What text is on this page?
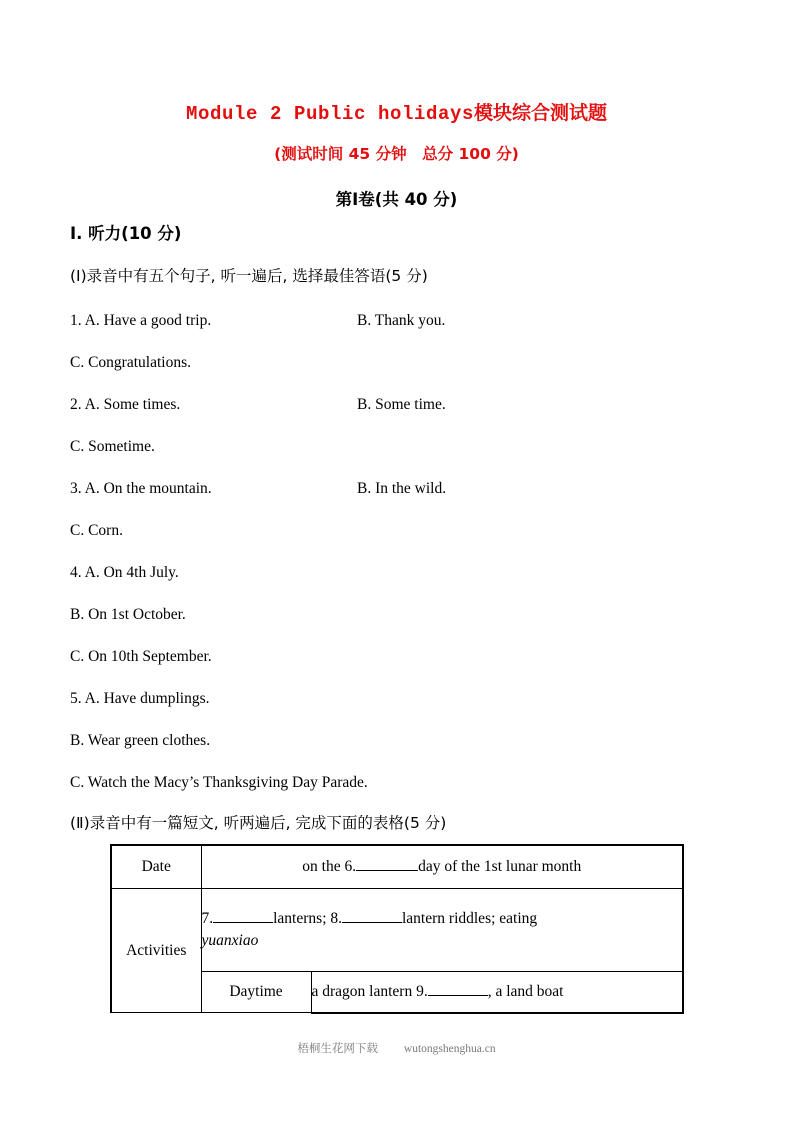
Module 2 Public holidays模块综合测试题
(测试时间 45 分钟　总分 100 分)
第Ⅰ卷(共 40 分)
Ⅰ. 听力(10 分)
(Ⅰ)录音中有五个句子, 听一遍后, 选择最佳答语(5 分)
1. A. Have a good trip.	B. Thank you.
C. Congratulations.
2. A. Some times.	B. Some time.
C. Sometime.
3. A. On the mountain.	B. In the wild.
C. Corn.
4. A. On 4th July.
B. On 1st October.
C. On 10th September.
5. A. Have dumplings.
B. Wear green clothes.
C. Watch the Macy’s Thanksgiving Day Parade.
(Ⅱ)录音中有一篇短文, 听两遍后, 完成下面的表格(5 分)
Date	on the 6. day of the 1st lunar month	
Activities	7. lanterns; 8. lantern riddles; eating
yuanxiao	

	Daytime	a dragon lantern 9. , a land boat
梧桐生花网下载 wutongshenghua.cn
